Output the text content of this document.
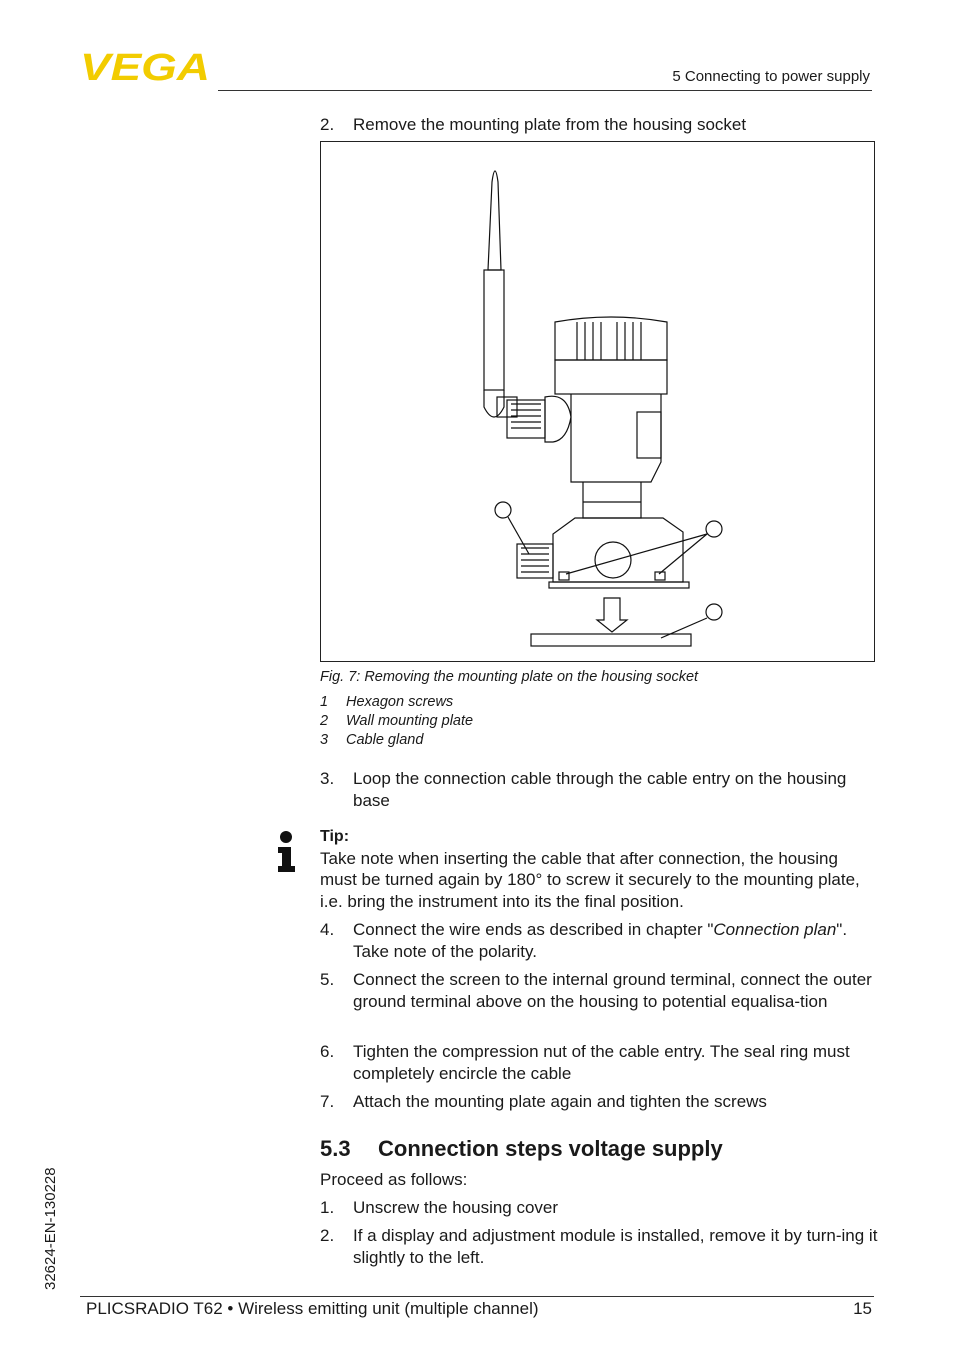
VEGA	5 Connecting to power supply
2.	Remove the mounting plate from the housing socket
Fig. 7: Removing the mounting plate on the housing socket
1 Hexagon screws
2 Wall mounting plate
3 Cable gland
3.	Loop the connection cable through the cable entry on the housing base
Tip:
Take note when inserting the cable that after connection, the housing must be turned again by 180° to screw it securely to the mounting plate, i.e. bring the instrument into its the final position.
4.	Connect the wire ends as described in chapter "Connection plan". Take note of the polarity.
5.	Connect the screen to the internal ground terminal, connect the outer ground terminal above on the housing to potential equalisa-tion
6.	Tighten the compression nut of the cable entry. The seal ring must completely encircle the cable
7.	Attach the mounting plate again and tighten the screws
5.3 Connection steps voltage supply
Proceed as follows:
1.	Unscrew the housing cover
2.	If a display and adjustment module is installed, remove it by turn-ing it slightly to the left.
32624-EN-130228
PLICSRADIO T62 • Wireless emitting unit (multiple channel)	15
